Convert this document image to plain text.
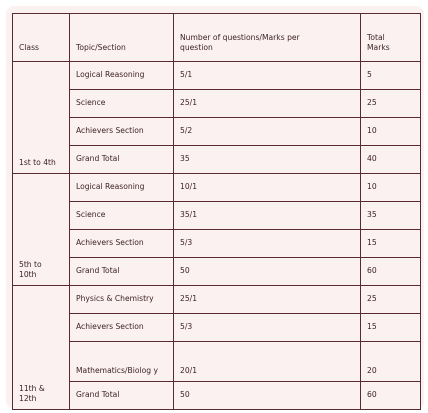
Class	Topic/Section	Number of questions/Marks per question	Total Marks
1st to 4th	Logical Reasoning	5/1	5
	Science	25/1	25
	Achievers Section	5/2	10
	Grand Total	35	40
5th to 10th	Logical Reasoning	10/1	10
	Science	35/1	35
	Achievers Section	5/3	15
	Grand Total	50	60
11th & 12th	Physics & Chemistry	25/1	25
	Achievers Section	5/3	15
	Mathematics/Biolog y	20/1	20
	Grand Total	50	60
